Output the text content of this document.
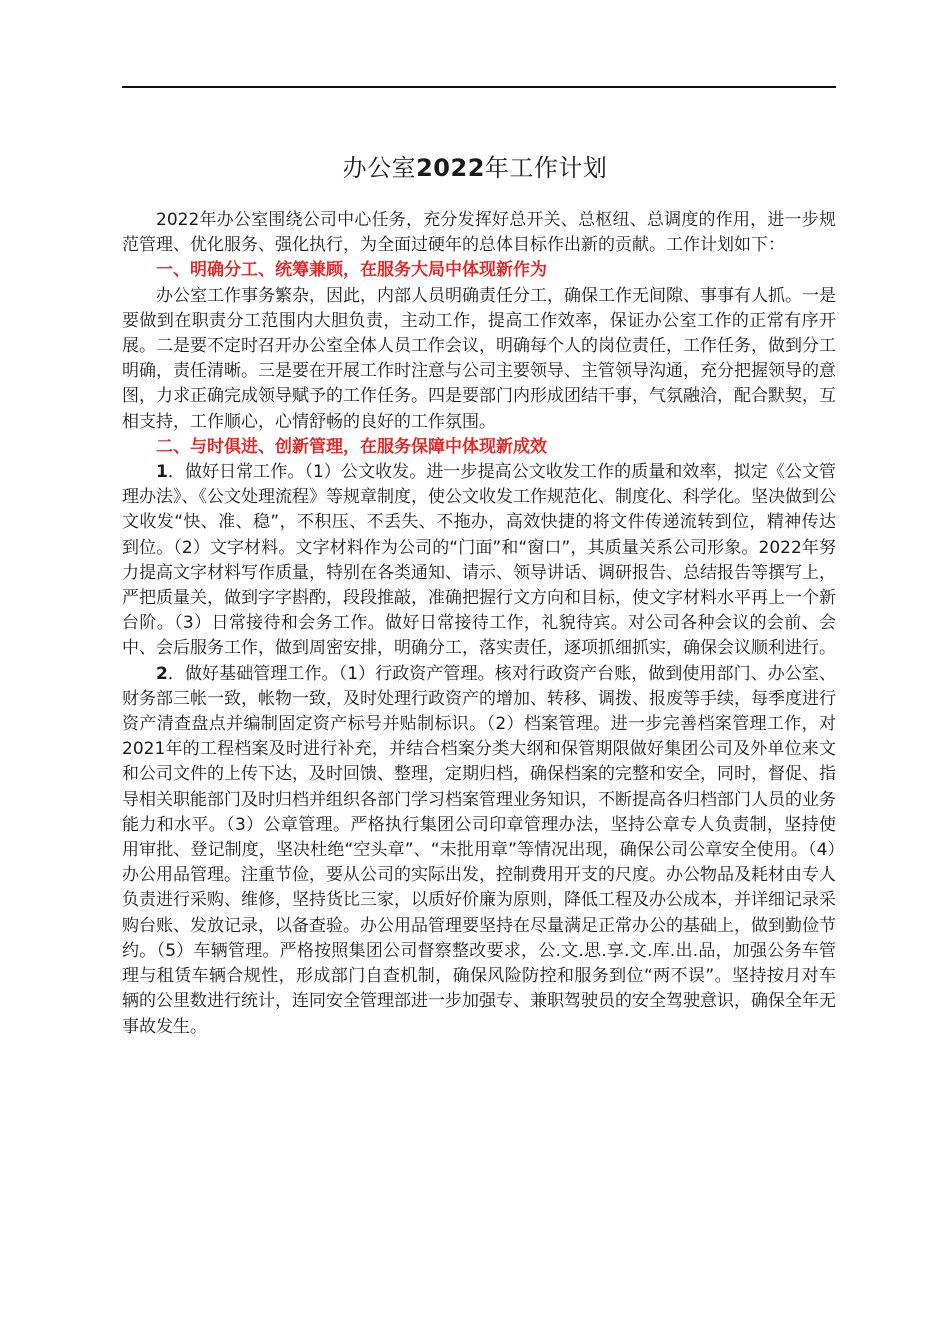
办公室2022年工作计划

2022年办公室围绕公司中心任务，充分发挥好总开关、总枢纽、总调度的作用，进一步规范管理、优化服务、强化执行，为全面过硬年的总体目标作出新的贡献。工作计划如下：

一、明确分工、统筹兼顾，在服务大局中体现新作为

办公室工作事务繁杂，因此，内部人员明确责任分工，确保工作无间隙、事事有人抓。一是要做到在职责分工范围内大胆负责，主动工作，提高工作效率，保证办公室工作的正常有序开展。二是要不定时召开办公室全体人员工作会议，明确每个人的岗位责任，工作任务，做到分工明确，责任清晰。三是要在开展工作时注意与公司主要领导、主管领导沟通，充分把握领导的意图，力求正确完成领导赋予的工作任务。四是要部门内形成团结干事，气氛融洽，配合默契，互相支持，工作顺心，心情舒畅的良好的工作氛围。

二、与时俱进、创新管理，在服务保障中体现新成效

1．做好日常工作。（1）公文收发。进一步提高公文收发工作的质量和效率，拟定《公文管理办法》、《公文处理流程》等规章制度，使公文收发工作规范化、制度化、科学化。坚决做到公文收发“快、准、稳”，不积压、不丢失、不拖办，高效快捷的将文件传递流转到位，精神传达到位。（2）文字材料。文字材料作为公司的“门面”和“窗口”，其质量关系公司形象。2022年努力提高文字材料写作质量，特别在各类通知、请示、领导讲话、调研报告、总结报告等撰写上，严把质量关，做到字字斟酌，段段推敲，准确把握行文方向和目标，使文字材料水平再上一个新台阶。（3）日常接待和会务工作。做好日常接待工作，礼貌待宾。对公司各种会议的会前、会中、会后服务工作，做到周密安排，明确分工，落实责任，逐项抓细抓实，确保会议顺利进行。

2．做好基础管理工作。（1）行政资产管理。核对行政资产台账，做到使用部门、办公室、财务部三帐一致，帐物一致，及时处理行政资产的增加、转移、调拨、报废等手续，每季度进行资产清查盘点并编制固定资产标号并贴制标识。（2）档案管理。进一步完善档案管理工作，对2021年的工程档案及时进行补充，并结合档案分类大纲和保管期限做好集团公司及外单位来文和公司文件的上传下达，及时回馈、整理，定期归档，确保档案的完整和安全，同时，督促、指导相关职能部门及时归档并组织各部门学习档案管理业务知识，不断提高各归档部门人员的业务能力和水平。（3）公章管理。严格执行集团公司印章管理办法，坚持公章专人负责制，坚持使用审批、登记制度，坚决杜绝“空头章”、“未批用章”等情况出现，确保公司公章安全使用。（4）办公用品管理。注重节俭，要从公司的实际出发，控制费用开支的尺度。办公物品及耗材由专人负责进行采购、维修，坚持货比三家，以质好价廉为原则，降低工程及办公成本，并详细记录采购台账、发放记录，以备查验。办公用品管理要坚持在尽量满足正常办公的基础上，做到勤俭节约。（5）车辆管理。严格按照集团公司督察整改要求，公.文.思.享.文.库.出.品，加强公务车管理与租赁车辆合规性，形成部门自查机制，确保风险防控和服务到位“两不误”。坚持按月对车辆的公里数进行统计，连同安全管理部进一步加强专、兼职驾驶员的安全驾驶意识，确保全年无事故发生。
